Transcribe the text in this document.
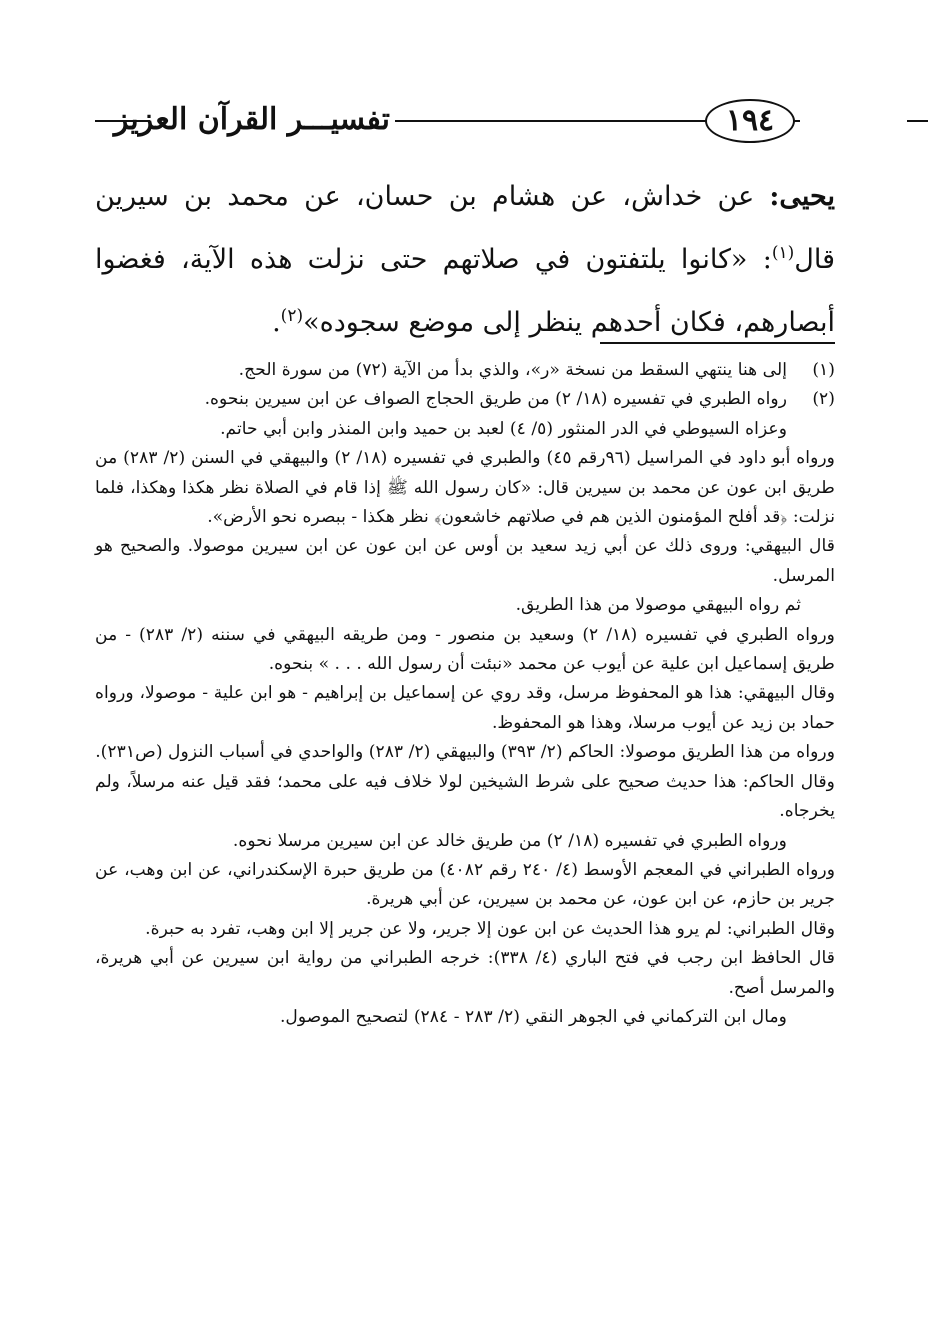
تفسيـــر القرآن العزيز	١٩٤

يحيى: عن خداش، عن هشام بن حسان، عن محمد بن سيرين قال$^{(١)}$: «كانوا يلتفتون في صلاتهم حتى نزلت هذه الآية، فغضوا أبصارهم، فكان أحدهم ينظر إلى موضع سجوده»$^{(٢)}$.

(١)
إلى هنا ينتهي السقط من نسخة «ر»، والذي بدأ من الآية (٧٢) من سورة الحج.
(٢)
رواه الطبري في تفسيره (١٨/ ٢) من طريق الحجاج الصواف عن ابن سيرين بنحوه.

وعزاه السيوطي في الدر المنثور (٥/ ٤) لعبد بن حميد وابن المنذر وابن أبي حاتم.

ورواه أبو داود في المراسيل (٩٦رقم ٤٥) والطبري في تفسيره (١٨/ ٢) والبيهقي في السنن (٢/ ٢٨٣) من طريق ابن عون عن محمد بن سيرين قال: «كان رسول الله ﷺ إذا قام في الصلاة نظر هكذا وهكذا، فلما نزلت: ﴿قد أفلح المؤمنون الذين هم في صلاتهم خاشعون﴾ نظر هكذا - ببصره نحو الأرض».

قال البيهقي: وروى ذلك عن أبي زيد سعيد بن أوس عن ابن عون عن ابن سيرين موصولا. والصحيح هو المرسل.

ثم رواه البيهقي موصولا من هذا الطريق.

ورواه الطبري في تفسيره (١٨/ ٢) وسعيد بن منصور - ومن طريقه البيهقي في سننه (٢/ ٢٨٣) - من طريق إسماعيل ابن علية عن أيوب عن محمد «نبئت أن رسول الله . . . » بنحوه.

وقال البيهقي: هذا هو المحفوظ مرسل، وقد روي عن إسماعيل بن إبراهيم - هو ابن علية - موصولا، ورواه حماد بن زيد عن أيوب مرسلا، وهذا هو المحفوظ.

ورواه من هذا الطريق موصولا: الحاكم (٢/ ٣٩٣) والبيهقي (٢/ ٢٨٣) والواحدي في أسباب النزول (ص٢٣١).

وقال الحاكم: هذا حديث صحيح على شرط الشيخين لولا خلاف فيه على محمد؛ فقد قيل عنه مرسلاً، ولم يخرجاه.

ورواه الطبري في تفسيره (١٨/ ٢) من طريق خالد عن ابن سيرين مرسلا نحوه.

ورواه الطبراني في المعجم الأوسط (٤/ ٢٤٠ رقم ٤٠٨٢) من طريق حبرة الإسكندراني، عن ابن وهب، عن جرير بن حازم، عن ابن عون، عن محمد بن سيرين، عن أبي هريرة.

وقال الطبراني: لم يرو هذا الحديث عن ابن عون إلا جرير، ولا عن جرير إلا ابن وهب، تفرد به حبرة.

قال الحافظ ابن رجب في فتح الباري (٤/ ٣٣٨): خرجه الطبراني من رواية ابن سيرين عن أبي هريرة، والمرسل أصح.

ومال ابن التركماني في الجوهر النقي (٢/ ٢٨٣ - ٢٨٤) لتصحيح الموصول.
